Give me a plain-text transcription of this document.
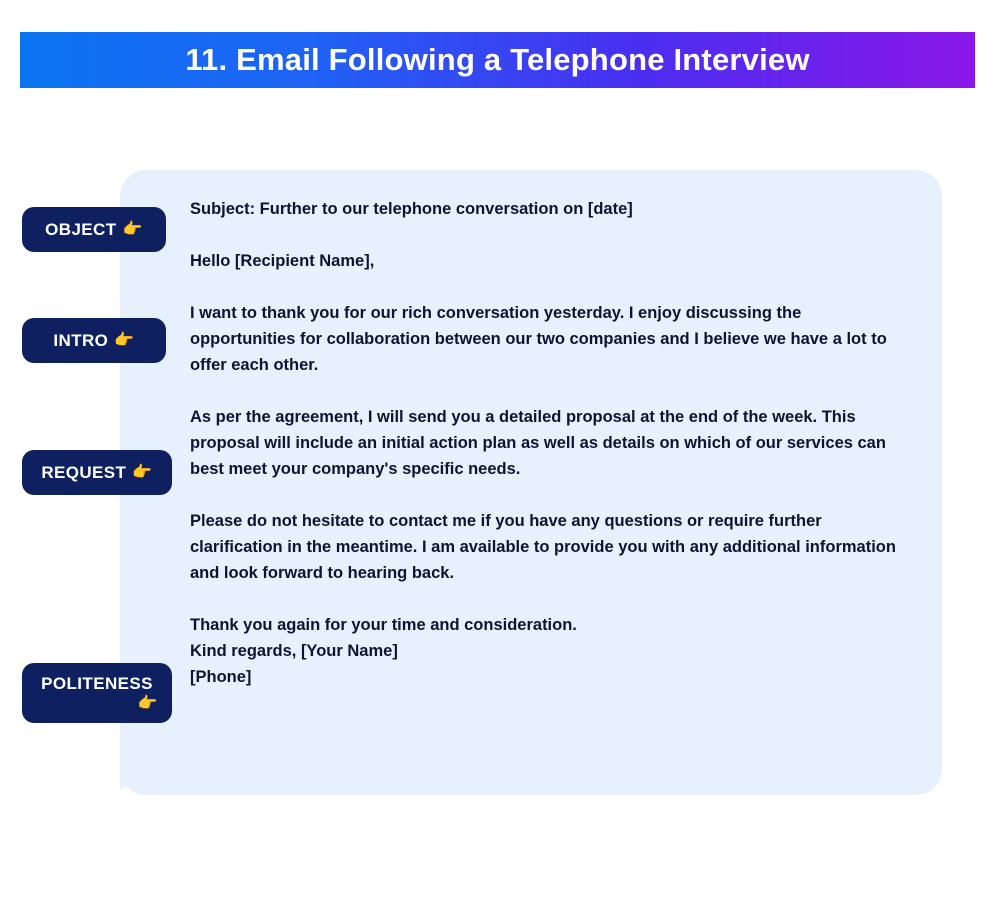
11. Email Following a Telephone Interview

Subject: Further to our telephone conversation on [date]

Hello [Recipient Name],

I want to thank you for our rich conversation yesterday. I enjoy discussing the opportunities for collaboration between our two companies and I believe we have a lot to offer each other.

As per the agreement, I will send you a detailed proposal at the end of the week. This proposal will include an initial action plan as well as details on which of our services can best meet your company's specific needs.

Please do not hesitate to contact me if you have any questions or require further clarification in the meantime. I am available to provide you with any additional information and look forward to hearing back.

Thank you again for your time and consideration.

Kind regards, [Your Name]

[Phone]

OBJECT 👉
INTRO 👉
REQUEST 👉
POLITENESS
👉
